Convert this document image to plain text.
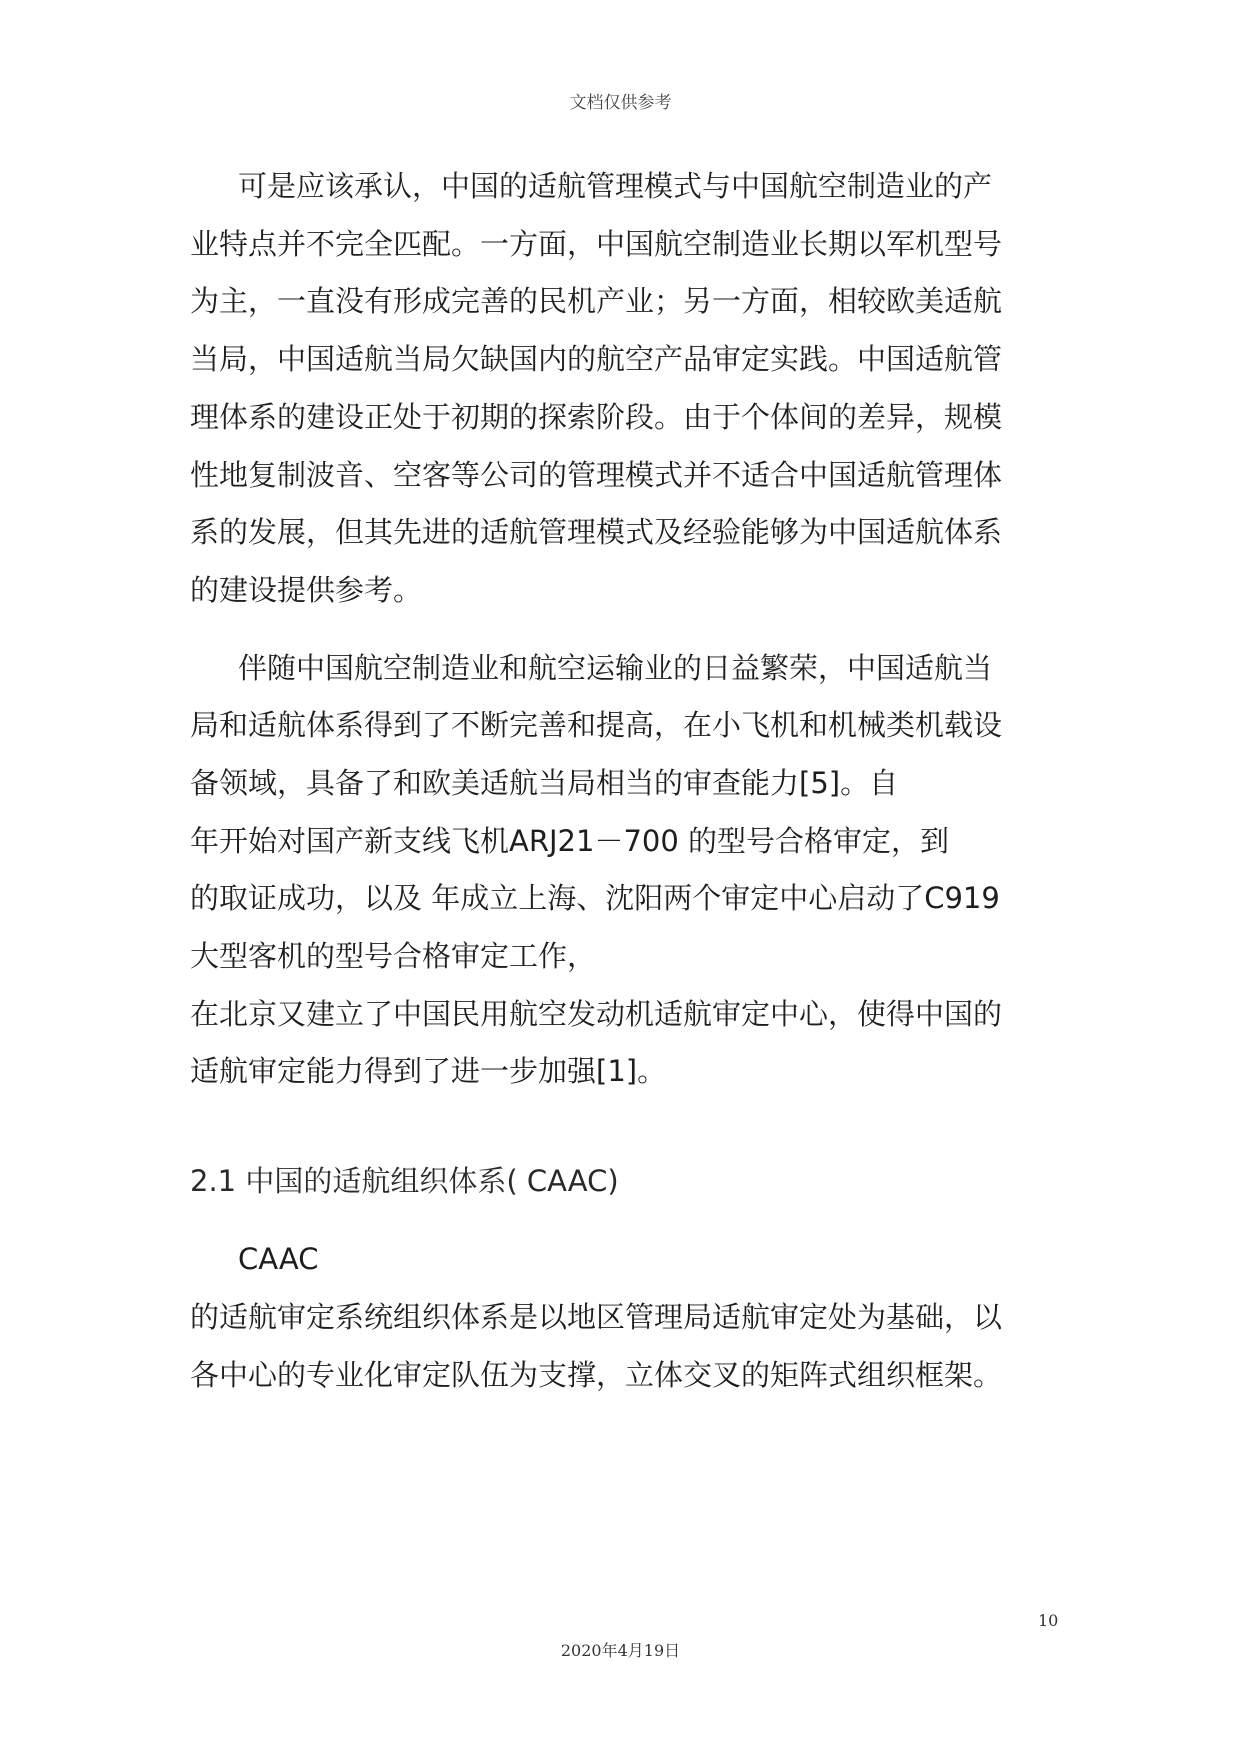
文档仅供参考
可是应该承认，中国的适航管理模式与中国航空制造业的产
业特点并不完全匹配。一方面，中国航空制造业长期以军机型号
为主，一直没有形成完善的民机产业；另一方面，相较欧美适航
当局，中国适航当局欠缺国内的航空产品审定实践。中国适航管
理体系的建设正处于初期的探索阶段。由于个体间的差异，规模
性地复制波音、空客等公司的管理模式并不适合中国适航管理体
系的发展，但其先进的适航管理模式及经验能够为中国适航体系
的建设提供参考。
伴随中国航空制造业和航空运输业的日益繁荣，中国适航当
局和适航体系得到了不断完善和提高，在小飞机和机械类机载设
备领域，具备了和欧美适航当局相当的审查能力[5]。自
年开始对国产新支线飞机ARJ21－700 的型号合格审定，到
的取证成功，以及 年成立上海、沈阳两个审定中心启动了C919
大型客机的型号合格审定工作，
在北京又建立了中国民用航空发动机适航审定中心，使得中国的
适航审定能力得到了进一步加强[1]。
2.1 中国的适航组织体系( CAAC)
CAAC
的适航审定系统组织体系是以地区管理局适航审定处为基础，以
各中心的专业化审定队伍为支撑，立体交叉的矩阵式组织框架。
10
2020年4月19日
